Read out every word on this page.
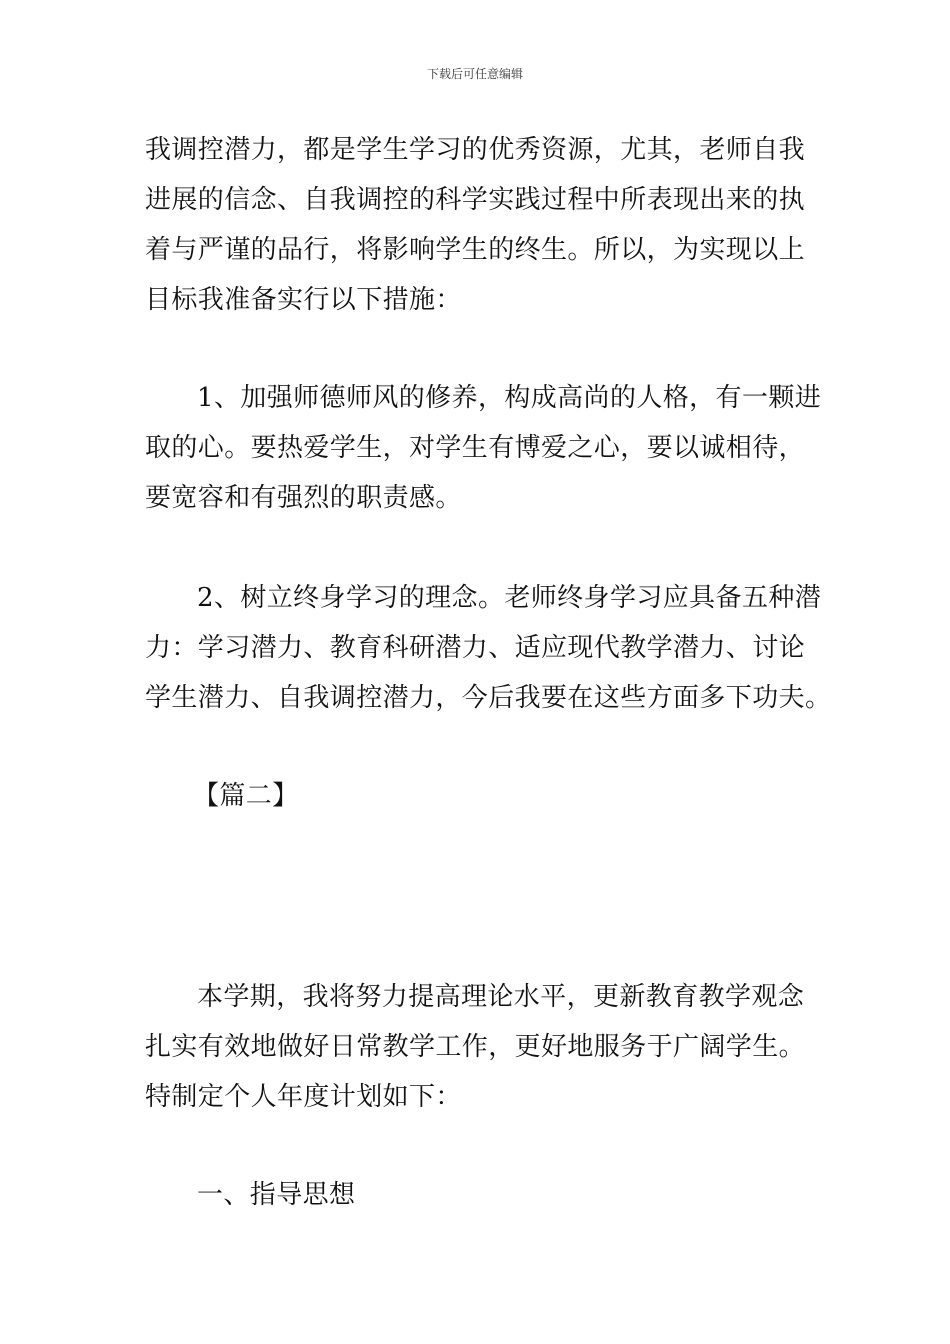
下载后可任意编辑
我调控潜力，都是学生学习的优秀资源，尤其，老师自我
进展的信念、自我调控的科学实践过程中所表现出来的执
着与严谨的品行，将影响学生的终生。所以，为实现以上
目标我准备实行以下措施：
1、加强师德师风的修养，构成高尚的人格，有一颗进
取的心。要热爱学生，对学生有博爱之心，要以诚相待，
要宽容和有强烈的职责感。
2、树立终身学习的理念。老师终身学习应具备五种潜
力：学习潜力、教育科研潜力、适应现代教学潜力、讨论
学生潜力、自我调控潜力，今后我要在这些方面多下功夫。
【篇二】
本学期，我将努力提高理论水平，更新教育教学观念
扎实有效地做好日常教学工作，更好地服务于广阔学生。
特制定个人年度计划如下：
一、指导思想
